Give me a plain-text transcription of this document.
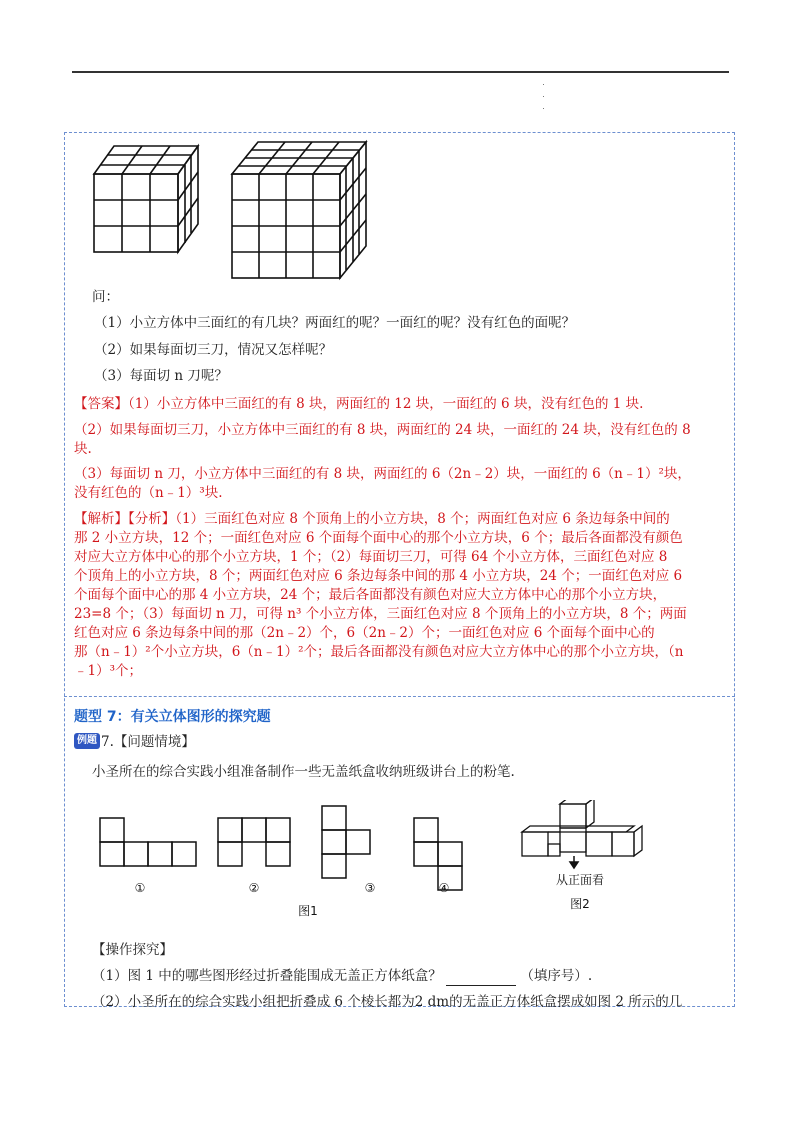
问：
（1）小立方体中三面红的有几块？两面红的呢？一面红的呢？没有红色的面呢？
（2）如果每面切三刀，情况又怎样呢？
（3）每面切 n 刀呢？
【答案】（1）小立方体中三面红的有 8 块，两面红的 12 块，一面红的 6 块，没有红色的 1 块.
（2）如果每面切三刀，小立方体中三面红的有 8 块，两面红的 24 块，一面红的 24 块，没有红色的 8
块.
（3）每面切 n 刀，小立方体中三面红的有 8 块，两面红的 6（2n﹣2）块，一面红的 6（n﹣1）²块，
没有红色的（n﹣1）³块.
【解析】【分析】（1）三面红色对应 8 个顶角上的小立方块，8 个；两面红色对应 6 条边每条中间的
那 2 小立方块，12 个；一面红色对应 6 个面每个面中心的那个小立方块，6 个；最后各面都没有颜色
对应大立方体中心的那个小立方块，1 个；（2）每面切三刀，可得 64 个小立方体，三面红色对应 8
个顶角上的小立方块，8 个；两面红色对应 6 条边每条中间的那 4 小立方块，24 个；一面红色对应 6
个面每个面中心的那 4 小立方块，24 个；最后各面都没有颜色对应大立方体中心的那个小立方块，
23=8 个；（3）每面切 n 刀，可得 n³ 个小立方体，三面红色对应 8 个顶角上的小立方块，8 个；两面
红色对应 6 条边每条中间的那（2n﹣2）个，6（2n﹣2）个；一面红色对应 6 个面每个面中心的
那（n﹣1）²个小立方块，6（n﹣1）²个；最后各面都没有颜色对应大立方体中心的那个小立方块，（n
﹣1）³个；
题型 7：有关立体图形的探究题
例题 7.【问题情境】
小圣所在的综合实践小组准备制作一些无盖纸盒收纳班级讲台上的粉笔.
①	②	③	④
图1
从正面看
图2
【操作探究】
（1）图 1 中的哪些图形经过折叠能围成无盖正方体纸盒？	（填序号）.
（2）小圣所在的综合实践小组把折叠成 6 个棱长都为2 dm的无盖正方体纸盒摆成如图 2 所示的几
